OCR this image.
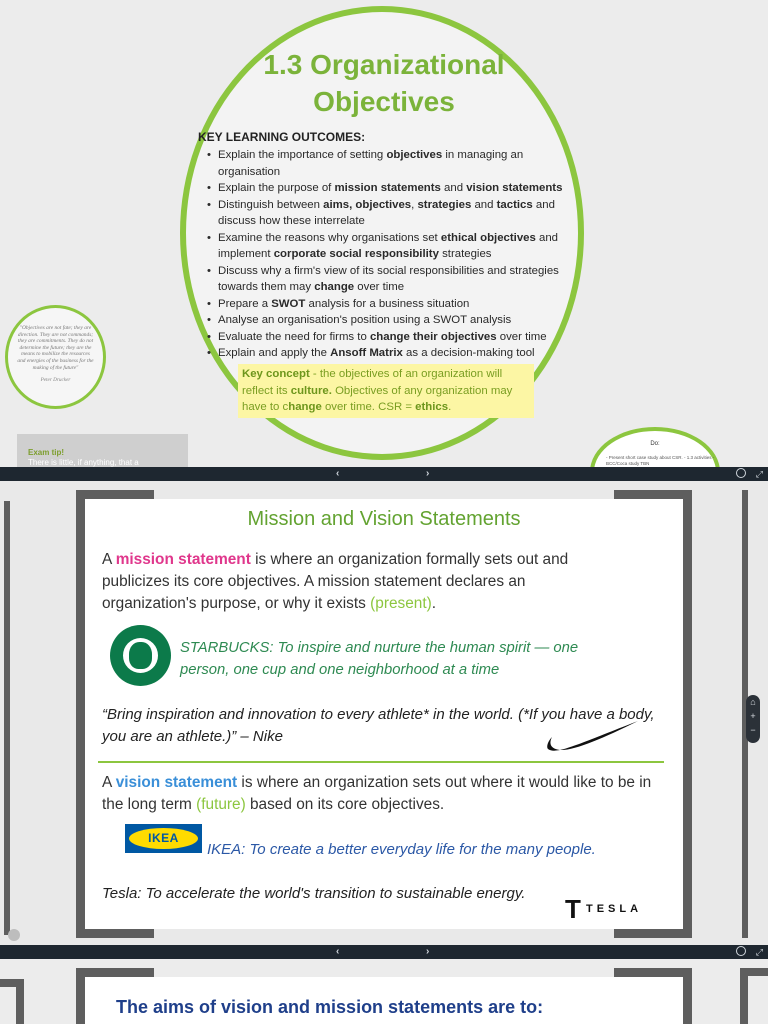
1.3 Organizational
Objectives
KEY LEARNING OUTCOMES:
• Explain the importance of setting objectives in managing an organisation
• Explain the purpose of mission statements and vision statements
• Distinguish between aims, objectives, strategies and tactics and discuss how these interrelate
• Examine the reasons why organisations set ethical objectives and implement corporate social responsibility strategies
• Discuss why a firm's view of its social responsibilities and strategies towards them may change over time
• Prepare a SWOT analysis for a business situation
• Analyse an organisation's position using a SWOT analysis
• Evaluate the need for firms to change their objectives over time
• Explain and apply the Ansoff Matrix as a decision-making tool
Key concept - the objectives of an organization will reflect its culture. Objectives of any organization may have to change over time. CSR = ethics.
"Objectives are not fate; they are direction. They are not commands; they are commitments. They do not determine the future; they are the means to mobilize the resources and energies of the business for the making of the future"
Peter Drucker
Exam tip!
There is little, if anything, that a
Do:
- Present short case study about CSR. - 1.3 activities - BCC/Coca study TBN
‹	›	⤢
Mission and Vision Statements
A mission statement is where an organization formally sets out and publicizes its core objectives. A mission statement declares an organization's purpose, or why it exists (present).
STARBUCKS: To inspire and nurture the human spirit — one person, one cup and one neighborhood at a time
“Bring inspiration and innovation to every athlete* in the world. (*If you have a body, you are an athlete.)” – Nike
A vision statement is where an organization sets out where it would like to be in the long term (future) based on its core objectives.
IKEA
IKEA: To create a better everyday life for the many people.
Tesla: To accelerate the world's transition to sustainable energy.
T TESLA
⌂
+
−
‹	›	⤢
The aims of vision and mission statements are to:
